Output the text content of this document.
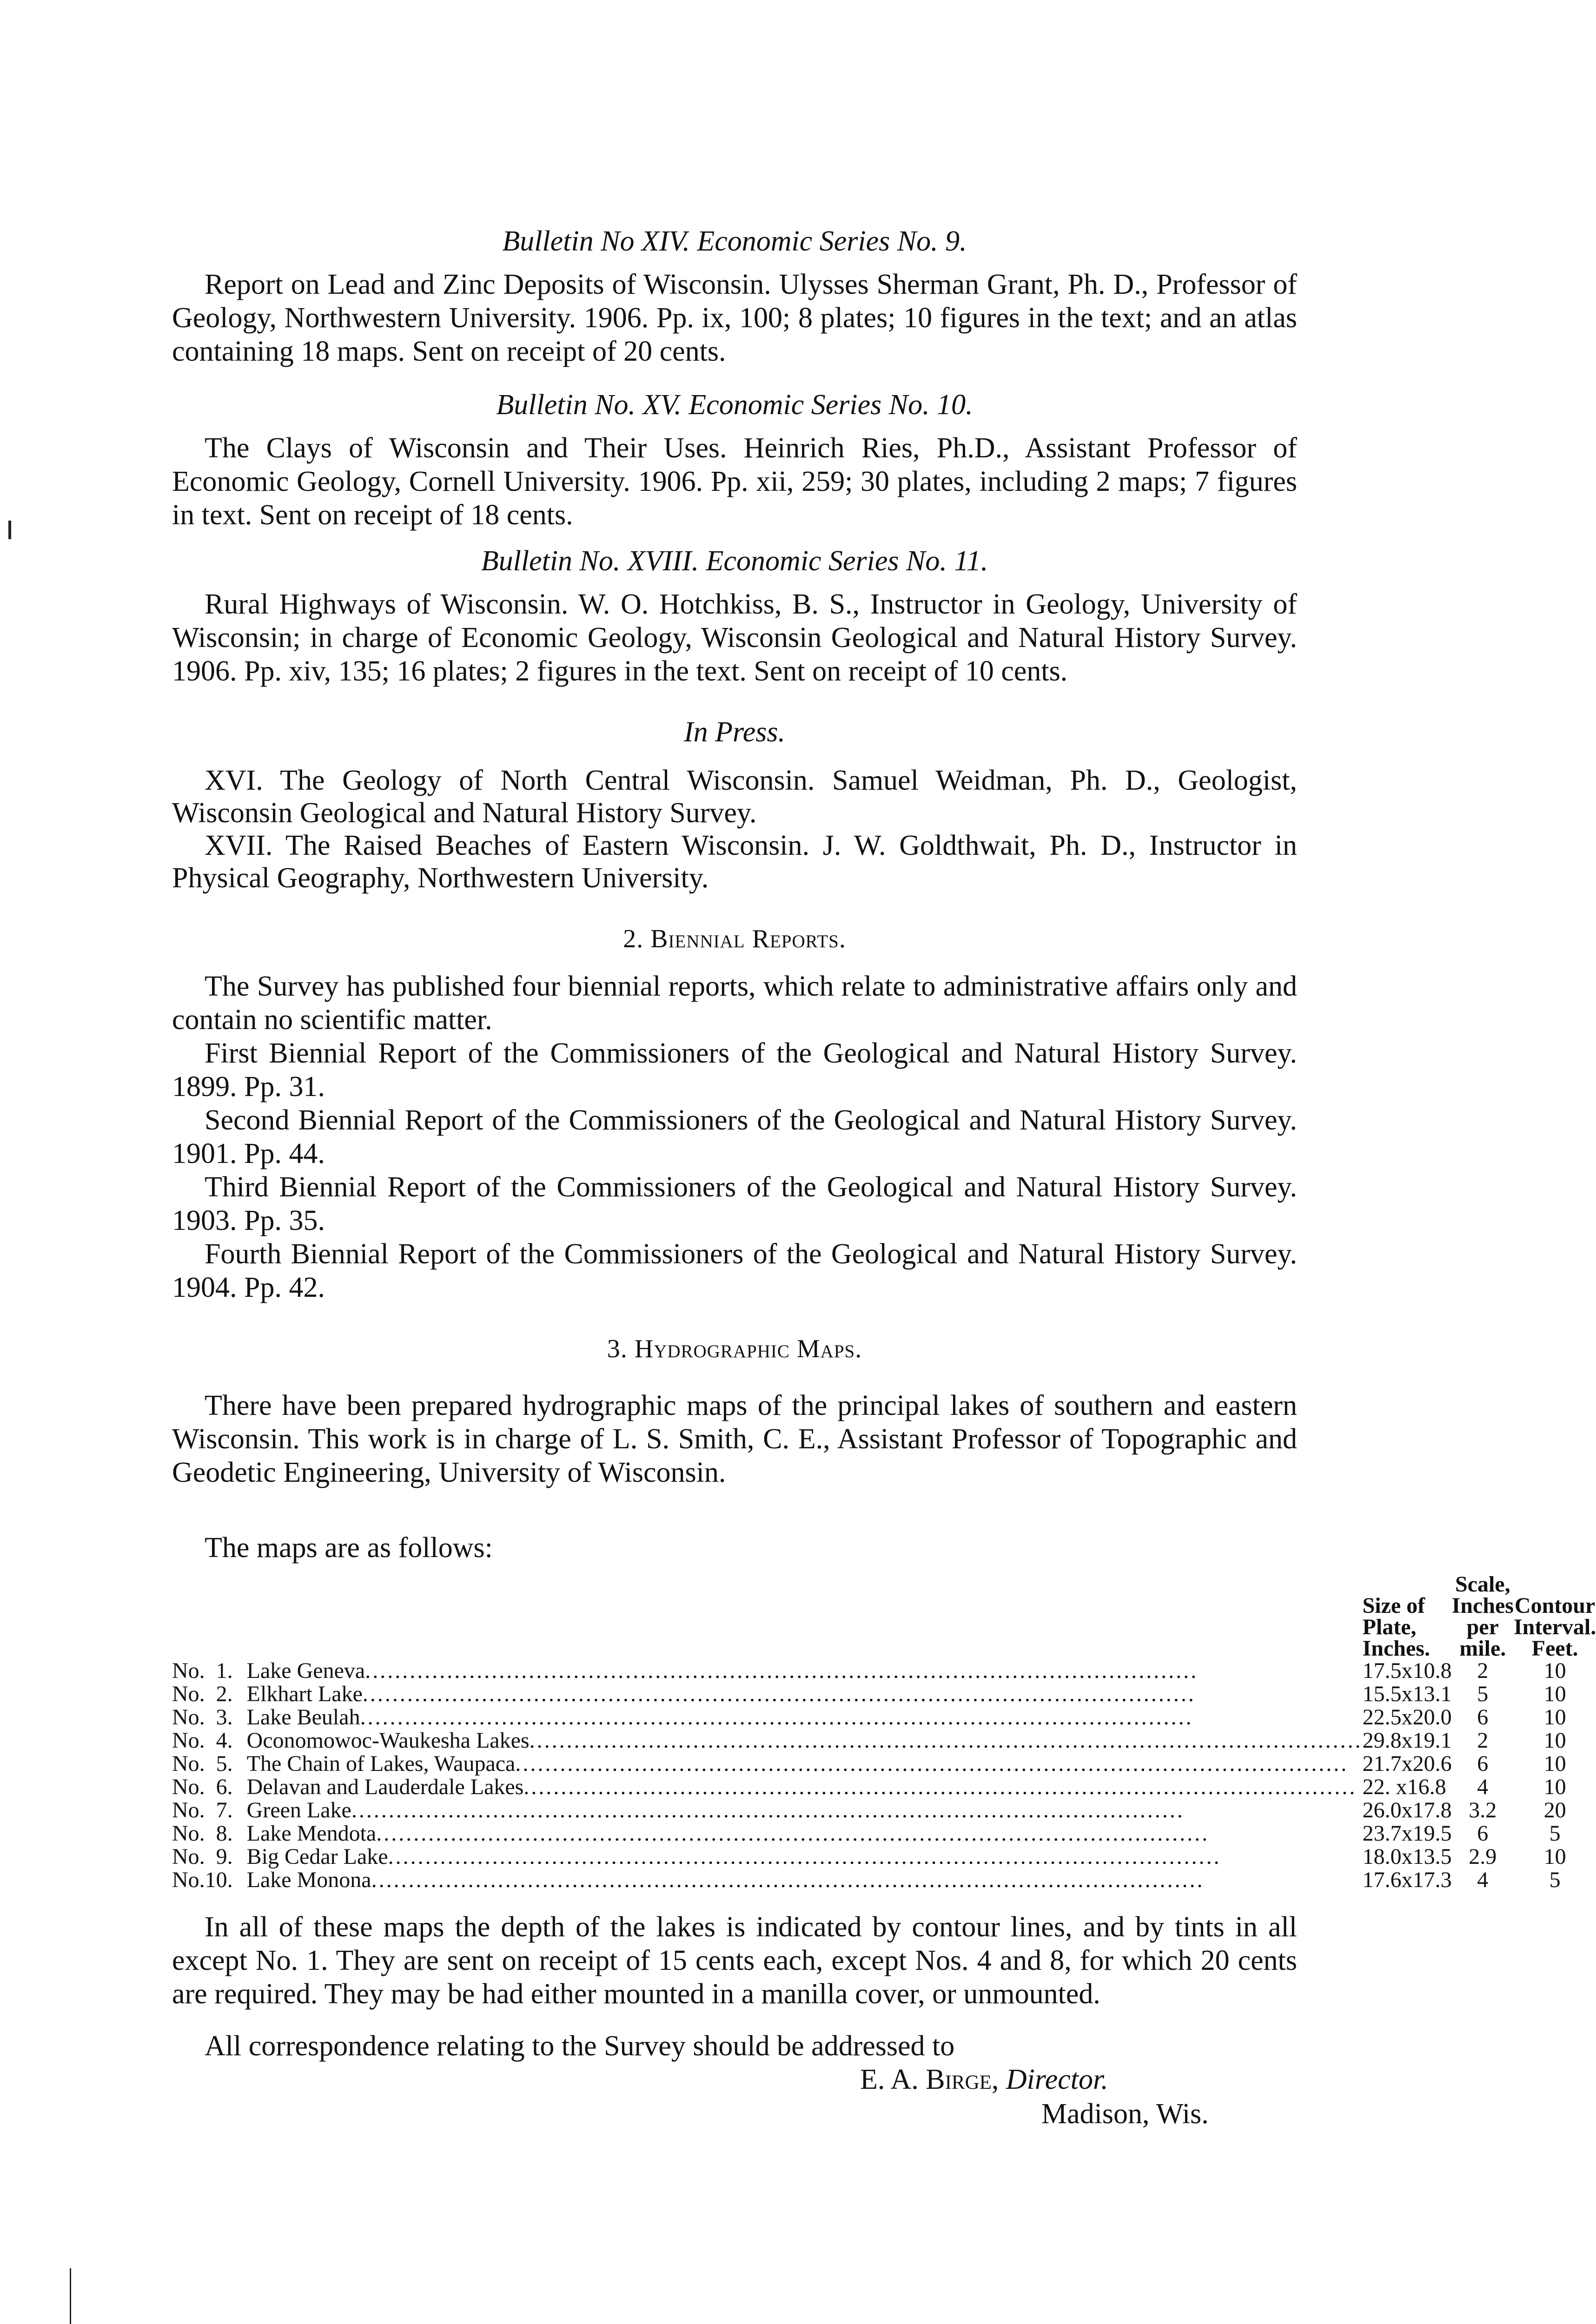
Bulletin No XIV. Economic Series No. 9.

Report on Lead and Zinc Deposits of Wisconsin. Ulysses Sherman Grant, Ph. D., Professor of Geology, Northwestern University. 1906. Pp. ix, 100; 8 plates; 10 figures in the text; and an atlas containing 18 maps. Sent on receipt of 20 cents.

Bulletin No. XV. Economic Series No. 10.

The Clays of Wisconsin and Their Uses. Heinrich Ries, Ph.D., Assistant Professor of Economic Geology, Cornell University. 1906. Pp. xii, 259; 30 plates, including 2 maps; 7 figures in text. Sent on receipt of 18 cents.

Bulletin No. XVIII. Economic Series No. 11.

Rural Highways of Wisconsin. W. O. Hotchkiss, B. S., Instructor in Geology, University of Wisconsin; in charge of Economic Geology, Wisconsin Geological and Natural History Survey. 1906. Pp. xiv, 135; 16 plates; 2 figures in the text. Sent on receipt of 10 cents.

In Press.

XVI. The Geology of North Central Wisconsin. Samuel Weidman, Ph. D., Geologist, Wisconsin Geological and Natural History Survey.

XVII. The Raised Beaches of Eastern Wisconsin. J. W. Goldthwait, Ph. D., Instructor in Physical Geography, Northwestern University.

2. Biennial Reports.

The Survey has published four biennial reports, which relate to administrative affairs only and contain no scientific matter.

First Biennial Report of the Commissioners of the Geological and Natural History Survey. 1899. Pp. 31.

Second Biennial Report of the Commissioners of the Geological and Natural History Survey. 1901. Pp. 44.

Third Biennial Report of the Commissioners of the Geological and Natural History Survey. 1903. Pp. 35.

Fourth Biennial Report of the Commissioners of the Geological and Natural History Survey. 1904. Pp. 42.

3. Hydrographic Maps.

There have been prepared hydrographic maps of the principal lakes of southern and eastern Wisconsin. This work is in charge of L. S. Smith, C. E., Assistant Professor of Topographic and Geodetic Engineering, University of Wisconsin.

The maps are as follows:

			Size of Plate, Inches.	Scale, Inches per mile.	Contour Interval. Feet.
No.	1.	Lake Geneva ................................................................................................................	17.5x10.8	2	10
No.	2.	Elkhart Lake ................................................................................................................	15.5x13.1	5	10
No.	3.	Lake Beulah ................................................................................................................	22.5x20.0	6	10
No.	4.	Oconomowoc-Waukesha Lakes ................................................................................................................	29.8x19.1	2	10
No.	5.	The Chain of Lakes, Waupaca ................................................................................................................	21.7x20.6	6	10
No.	6.	Delavan and Lauderdale Lakes ................................................................................................................	22. x16.8	4	10
No.	7.	Green Lake ................................................................................................................	26.0x17.8	3.2	20
No.	8.	Lake Mendota ................................................................................................................	23.7x19.5	6	5
No.	9.	Big Cedar Lake ................................................................................................................	18.0x13.5	2.9	10
No.	10.	Lake Monona ................................................................................................................	17.6x17.3	4	5

In all of these maps the depth of the lakes is indicated by contour lines, and by tints in all except No. 1. They are sent on receipt of 15 cents each, except Nos. 4 and 8, for which 20 cents are required. They may be had either mounted in a manilla cover, or unmounted.

All correspondence relating to the Survey should be addressed to

E. A. Birge, Director.
Madison, Wis.
